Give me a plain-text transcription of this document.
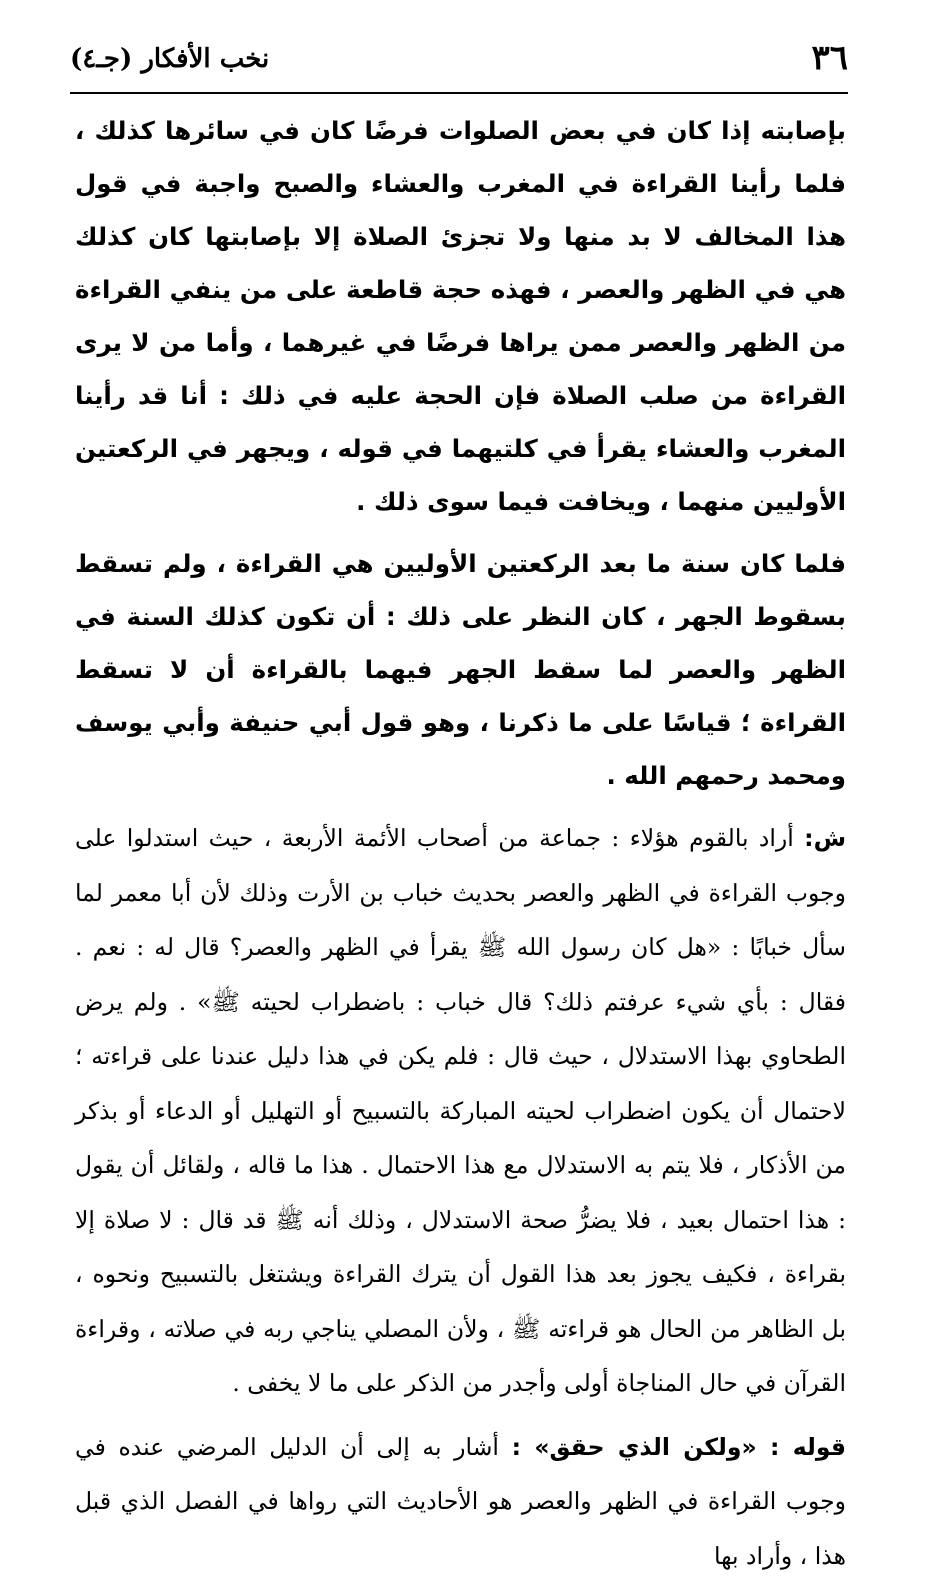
٣٦
نخب الأفكار (جـ٤)

بإصابته إذا كان في بعض الصلوات فرضًا كان في سائرها كذلك ، فلما رأينا القراءة في المغرب والعشاء والصبح واجبة في قول هذا المخالف لا بد منها ولا تجزئ الصلاة إلا بإصابتها كان كذلك هي في الظهر والعصر ، فهذه حجة قاطعة على من ينفي القراءة من الظهر والعصر ممن يراها فرضًا في غيرهما ، وأما من لا يرى القراءة من صلب الصلاة فإن الحجة عليه في ذلك : أنا قد رأينا المغرب والعشاء يقرأ في كلتيهما في قوله ، ويجهر في الركعتين الأوليين منهما ، ويخافت فيما سوى ذلك .

فلما كان سنة ما بعد الركعتين الأوليين هي القراءة ، ولم تسقط بسقوط الجهر ، كان النظر على ذلك : أن تكون كذلك السنة في الظهر والعصر لما سقط الجهر فيهما بالقراءة أن لا تسقط القراءة ؛ قياسًا على ما ذكرنا ، وهو قول أبي حنيفة وأبي يوسف ومحمد رحمهم الله .

ش: أراد بالقوم هؤلاء : جماعة من أصحاب الأئمة الأربعة ، حيث استدلوا على وجوب القراءة في الظهر والعصر بحديث خباب بن الأرت وذلك لأن أبا معمر لما سأل خبابًا : «هل كان رسول الله ﷺ يقرأ في الظهر والعصر؟ قال له : نعم . فقال : بأي شيء عرفتم ذلك؟ قال خباب : باضطراب لحيته ﷺ» . ولم يرض الطحاوي بهذا الاستدلال ، حيث قال : فلم يكن في هذا دليل عندنا على قراءته ؛ لاحتمال أن يكون اضطراب لحيته المباركة بالتسبيح أو التهليل أو الدعاء أو بذكر من الأذكار ، فلا يتم به الاستدلال مع هذا الاحتمال . هذا ما قاله ، ولقائل أن يقول : هذا احتمال بعيد ، فلا يضرُّ صحة الاستدلال ، وذلك أنه ﷺ قد قال : لا صلاة إلا بقراءة ، فكيف يجوز بعد هذا القول أن يترك القراءة ويشتغل بالتسبيح ونحوه ، بل الظاهر من الحال هو قراءته ﷺ ، ولأن المصلي يناجي ربه في صلاته ، وقراءة القرآن في حال المناجاة أولى وأجدر من الذكر على ما لا يخفى .

قوله : «ولكن الذي حقق» : أشار به إلى أن الدليل المرضي عنده في وجوب القراءة في الظهر والعصر هو الأحاديث التي رواها في الفصل الذي قبل هذا ، وأراد بها
